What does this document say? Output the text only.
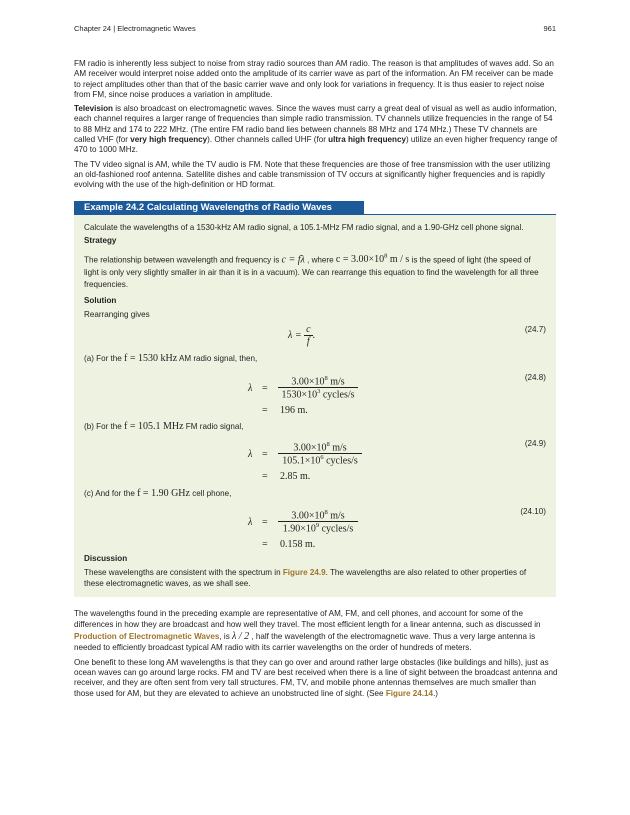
Chapter 24 | Electromagnetic Waves	961

FM radio is inherently less subject to noise from stray radio sources than AM radio. The reason is that amplitudes of waves add. So an AM receiver would interpret noise added onto the amplitude of its carrier wave as part of the information. An FM receiver can be made to reject amplitudes other than that of the basic carrier wave and only look for variations in frequency. It is thus easier to reject noise from FM, since noise produces a variation in amplitude.

Television is also broadcast on electromagnetic waves. Since the waves must carry a great deal of visual as well as audio information, each channel requires a larger range of frequencies than simple radio transmission. TV channels utilize frequencies in the range of 54 to 88 MHz and 174 to 222 MHz. (The entire FM radio band lies between channels 88 MHz and 174 MHz.) These TV channels are called VHF (for very high frequency). Other channels called UHF (for ultra high frequency) utilize an even higher frequency range of 470 to 1000 MHz.

The TV video signal is AM, while the TV audio is FM. Note that these frequencies are those of free transmission with the user utilizing an old-fashioned roof antenna. Satellite dishes and cable transmission of TV occurs at significantly higher frequencies and is rapidly evolving with the use of the high-definition or HD format.

Example 24.2 Calculating Wavelengths of Radio Waves

Calculate the wavelengths of a 1530-kHz AM radio signal, a 105.1-MHz FM radio signal, and a 1.90-GHz cell phone signal.

Strategy

The relationship between wavelength and frequency is c = fλ , where $c = 3.00\times 10^8$ m / s is the speed of light (the speed of light is only very slightly smaller in air than it is in a vacuum). We can rearrange this equation to find the wavelength for all three frequencies.

Solution

Rearranging gives

$\lambda = \frac{c}{f}$ .
(24.7)
(a) For the f = 1530 kHz AM radio signal, then,
λ =
$3.00\times 10^8$ m/s
$1530\times 10^3$ cycles/s
= 196 m.
(24.8)
(b) For the f = 105.1 MHz FM radio signal,
λ =
$3.00\times 10^8$ m/s
$105.1\times 10^6$ cycles/s
= 2.85 m.
(24.9)
(c) And for the f = 1.90 GHz cell phone,
λ =
$3.00\times 10^8$ m/s
$1.90\times 10^9$ cycles/s
= 0.158 m.
(24.10)

Discussion

These wavelengths are consistent with the spectrum in Figure 24.9. The wavelengths are also related to other properties of these electromagnetic waves, as we shall see.

The wavelengths found in the preceding example are representative of AM, FM, and cell phones, and account for some of the differences in how they are broadcast and how well they travel. The most efficient length for a linear antenna, such as discussed in Production of Electromagnetic Waves, is λ / 2 , half the wavelength of the electromagnetic wave. Thus a very large antenna is needed to efficiently broadcast typical AM radio with its carrier wavelengths on the order of hundreds of meters.

One benefit to these long AM wavelengths is that they can go over and around rather large obstacles (like buildings and hills), just as ocean waves can go around large rocks. FM and TV are best received when there is a line of sight between the broadcast antenna and receiver, and they are often sent from very tall structures. FM, TV, and mobile phone antennas themselves are much smaller than those used for AM, but they are elevated to achieve an unobstructed line of sight. (See Figure 24.14.)
